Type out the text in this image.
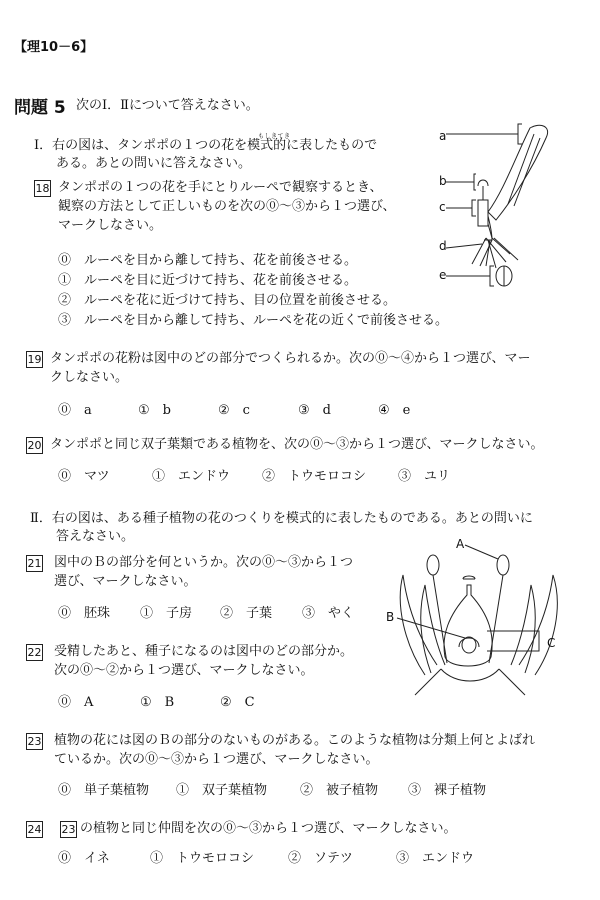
【理10－6】
問題 5 次のⅠ．Ⅱについて答えなさい。
もしきてき
Ⅰ．右の図は、タンポポの１つの花を模式的に表したもので
ある。あとの問いに答えなさい。
a
b
c
d
e
18 タンポポの１つの花を手にとりルーペで観察するとき、
観察の方法として正しいものを次の⓪～③から１つ選び、
マークしなさい。
⓪　ルーペを目から離して持ち、花を前後させる。
①　ルーペを目に近づけて持ち、花を前後させる。
②　ルーペを花に近づけて持ち、目の位置を前後させる。
③　ルーペを目から離して持ち、ルーペを花の近くで前後させる。
19 タンポポの花粉は図中のどの部分でつくられるか。次の⓪～④から１つ選び、マー
クしなさい。
⓪　a	①　b	②　c	③　d	④　e
20 タンポポと同じ双子葉類である植物を、次の⓪～③から１つ選び、マークしなさい。
⓪　マツ	①　エンドウ ②　トウモロコシ ③　ユリ
Ⅱ．右の図は、ある種子植物の花のつくりを模式的に表したものである。あとの問いに
答えなさい。	A
B
C
21 図中のＢの部分を何というか。次の⓪～③から１つ
選び、マークしなさい。
⓪　胚珠 ①　子房 ②　子葉 ③　やく
22 受精したあと、種子になるのは図中のどの部分か。
次の⓪～②から１つ選び、マークしなさい。
⓪　A	①　B	②　C
23 植物の花には図のＢの部分のないものがある。このような植物は分類上何とよばれ
ているか。次の⓪～③から１つ選び、マークしなさい。
⓪　単子葉植物 ①　双子葉植物	②　被子植物 ③　裸子植物
24 23 の植物と同じ仲間を次の⓪～③から１つ選び、マークしなさい。
⓪　イネ	①　トウモロコシ	②　ソテツ	③　エンドウ
